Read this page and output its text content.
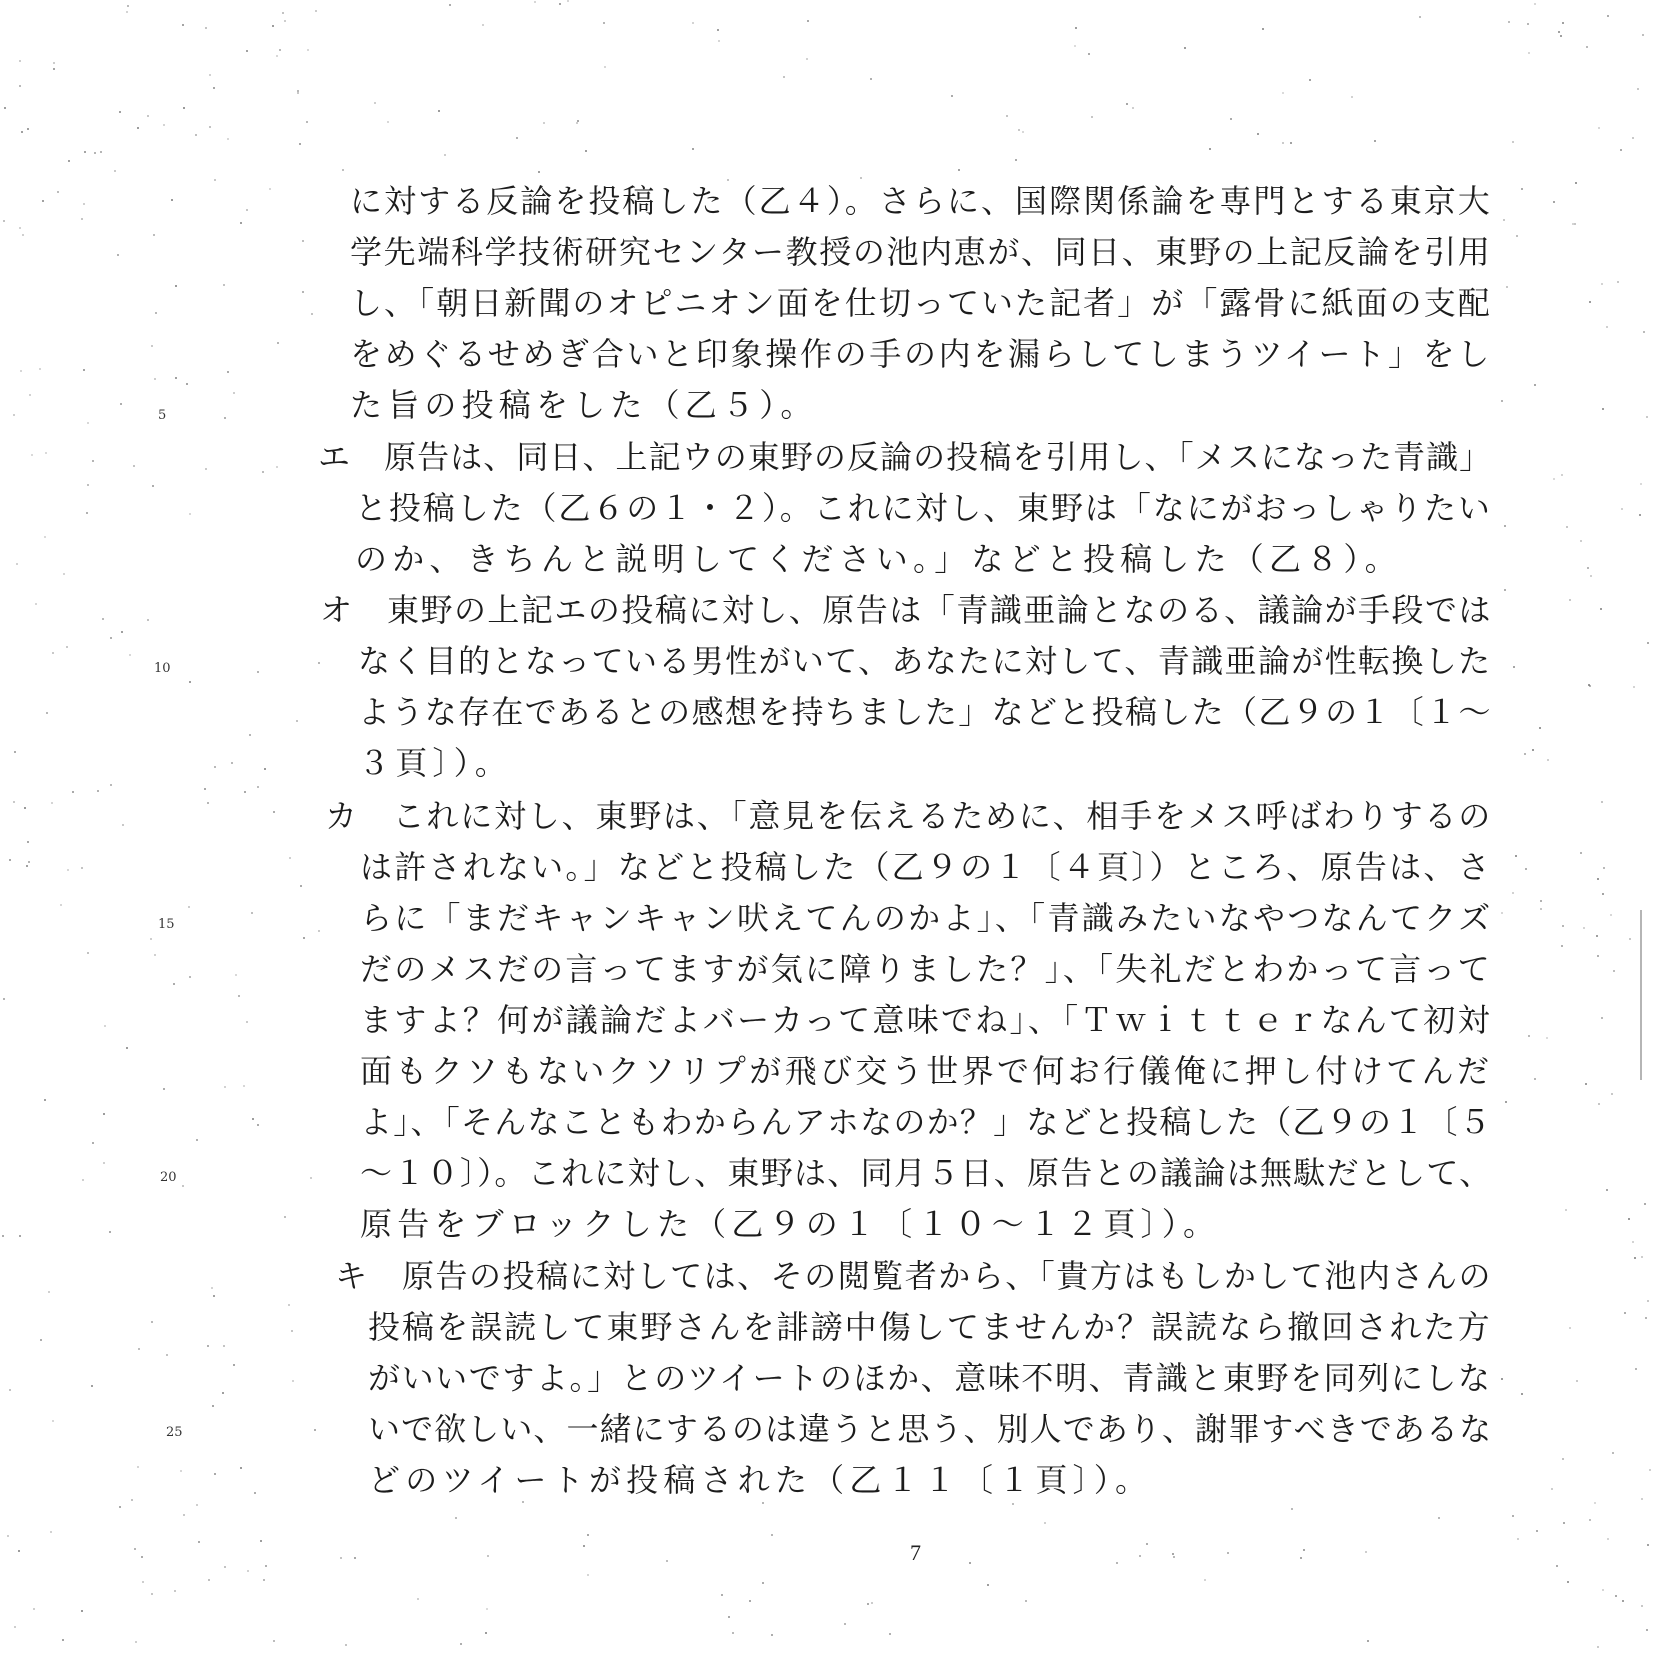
に対する反論を投稿した（乙４）。さらに、国際関係論を専門とする東京大
学先端科学技術研究センター教授の池内恵が、同日、東野の上記反論を引用
し、「朝日新聞のオピニオン面を仕切っていた記者」が「露骨に紙面の支配
をめぐるせめぎ合いと印象操作の手の内を漏らしてしまうツイート」をし
た旨の投稿をした（乙５）。
エ　原告は、同日、上記ウの東野の反論の投稿を引用し、「メスになった青識」
と投稿した（乙６の１・２）。これに対し、東野は「なにがおっしゃりたい
のか、きちんと説明してください。」などと投稿した（乙８）。
オ　東野の上記エの投稿に対し、原告は「青識亜論となのる、議論が手段では
なく目的となっている男性がいて、あなたに対して、青識亜論が性転換した
ような存在であるとの感想を持ちました」などと投稿した（乙９の１〔１～
３頁〕）。
カ　これに対し、東野は、「意見を伝えるために、相手をメス呼ばわりするの
は許されない。」などと投稿した（乙９の１〔４頁〕）ところ、原告は、さ
らに「まだキャンキャン吠えてんのかよ」、「青識みたいなやつなんてクズ
だのメスだの言ってますが気に障りました？」、「失礼だとわかって言って
ますよ？何が議論だよバーカって意味でね」、「Ｔｗｉｔｔｅｒなんて初対
面もクソもないクソリプが飛び交う世界で何お行儀俺に押し付けてんだ
よ」、「そんなこともわからんアホなのか？」などと投稿した（乙９の１〔５
～１０〕）。これに対し、東野は、同月５日、原告との議論は無駄だとして、
原告をブロックした（乙９の１〔１０～１２頁〕）。
キ　原告の投稿に対しては、その閲覧者から、「貴方はもしかして池内さんの
投稿を誤読して東野さんを誹謗中傷してませんか？誤読なら撤回された方
がいいですよ。」とのツイートのほか、意味不明、青識と東野を同列にしな
いで欲しい、一緒にするのは違うと思う、別人であり、謝罪すべきであるな
どのツイートが投稿された（乙１１〔１頁〕）。
5
10
15
20
25
7
